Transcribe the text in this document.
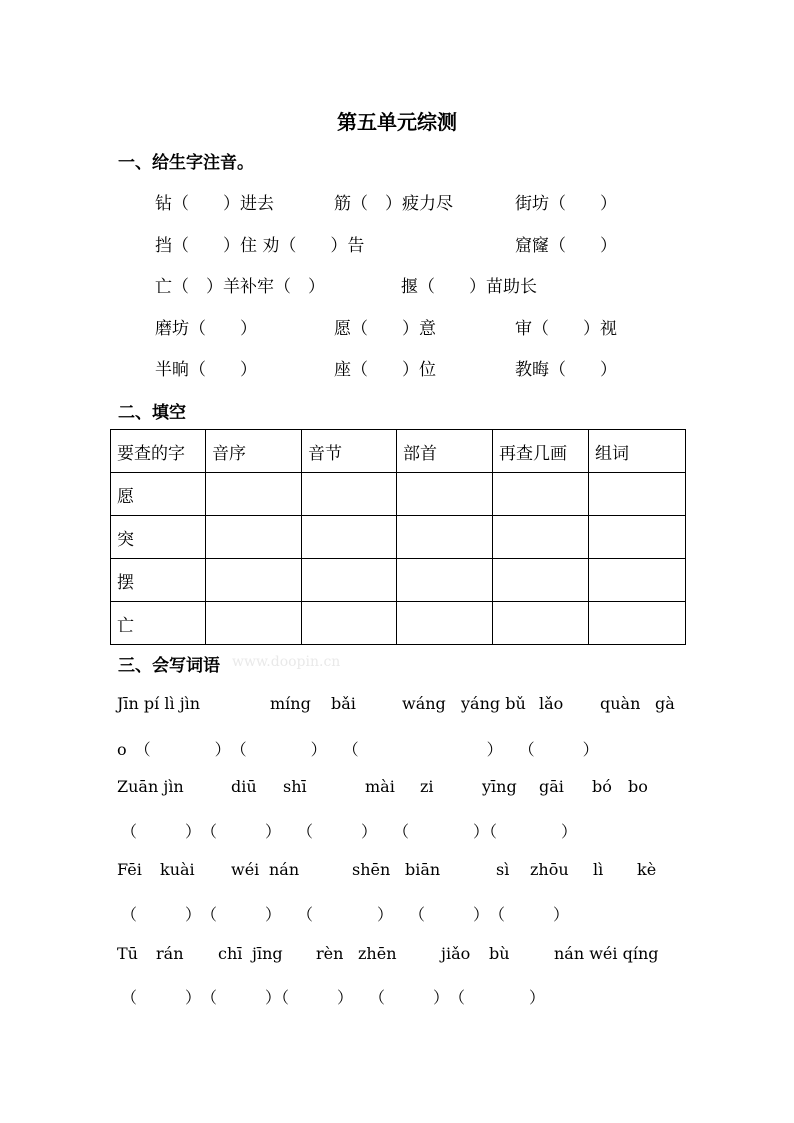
第五单元综测
一、给生字注音。
钻（　　）进去	筋（　）疲力尽	街坊（　　）
挡（　　）住 劝（　　）告	窟窿（　　）
亡（　）羊补牢（　）	揠（　　）苗助长
磨坊（　　）	愿（　　）意	审（　　）视
半晌（　　）	座（　　）位	教晦（　　）
二、填空
要查的字	音序	音节	部首	再查几画	组词
愿					
突					
摆					
亡					
三、会写词语 www.doopin.cn
Jīn pí lì jìn	míng bǎi	wáng yáng bǔ lǎo quàn gà
o　（　　　　）　（　　　　）　　（　　　　　　　　）　　（　　　）
Zuān jìn	diū shī	mài zi	yīng gāi bó bo
（　　　）　（　　　）　　（　　　）　　（　　　　）（　　　　）
Fēi kuài wéi nán	shēn biān	sì zhōu lì kè
（　　　）　（　　　）　　（　　　　）　　（　　　）　（　　　）
Tū rán chī jīng rèn zhēn	jiǎo bù	nán wéi qíng
（　　　）　（　　　）（　　　）　　（　　　）　（　　　　）
